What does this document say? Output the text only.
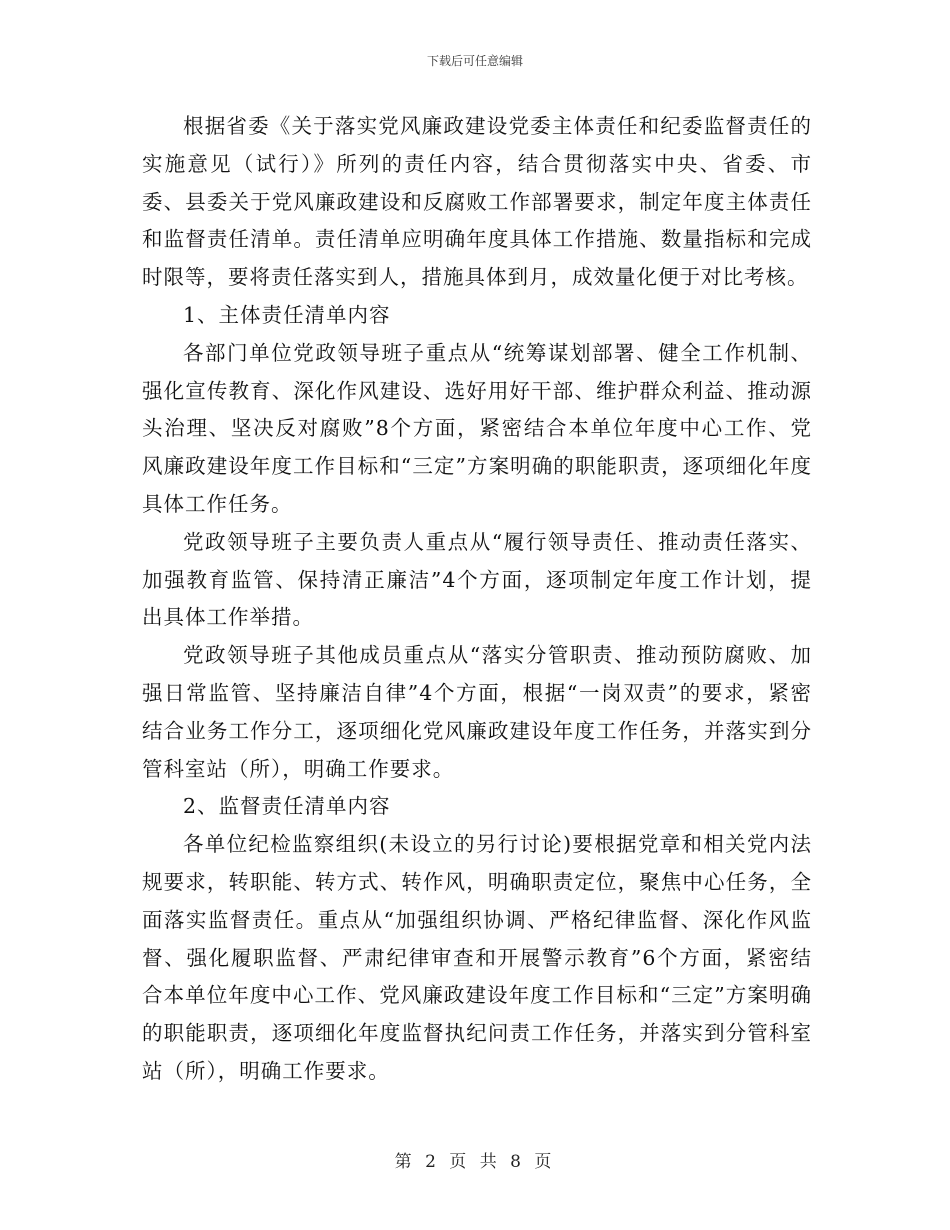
下载后可任意编辑

根据省委《关于落实党风廉政建设党委主体责任和纪委监督责任的实施意见（试行）》所列的责任内容，结合贯彻落实中央、省委、市委、县委关于党风廉政建设和反腐败工作部署要求，制定年度主体责任和监督责任清单。责任清单应明确年度具体工作措施、数量指标和完成时限等，要将责任落实到人，措施具体到月，成效量化便于对比考核。

1、主体责任清单内容

各部门单位党政领导班子重点从“统筹谋划部署、健全工作机制、强化宣传教育、深化作风建设、选好用好干部、维护群众利益、推动源头治理、坚决反对腐败”8个方面，紧密结合本单位年度中心工作、党风廉政建设年度工作目标和“三定”方案明确的职能职责，逐项细化年度具体工作任务。

党政领导班子主要负责人重点从“履行领导责任、推动责任落实、加强教育监管、保持清正廉洁”4个方面，逐项制定年度工作计划，提出具体工作举措。

党政领导班子其他成员重点从“落实分管职责、推动预防腐败、加强日常监管、坚持廉洁自律”4个方面，根据“一岗双责”的要求，紧密结合业务工作分工，逐项细化党风廉政建设年度工作任务，并落实到分管科室站（所），明确工作要求。

2、监督责任清单内容

各单位纪检监察组织(未设立的另行讨论)要根据党章和相关党内法规要求，转职能、转方式、转作风，明确职责定位，聚焦中心任务，全面落实监督责任。重点从“加强组织协调、严格纪律监督、深化作风监督、强化履职监督、严肃纪律审查和开展警示教育”6个方面，紧密结合本单位年度中心工作、党风廉政建设年度工作目标和“三定”方案明确的职能职责，逐项细化年度监督执纪问责工作任务，并落实到分管科室站（所），明确工作要求。

第 2 页 共 8 页
